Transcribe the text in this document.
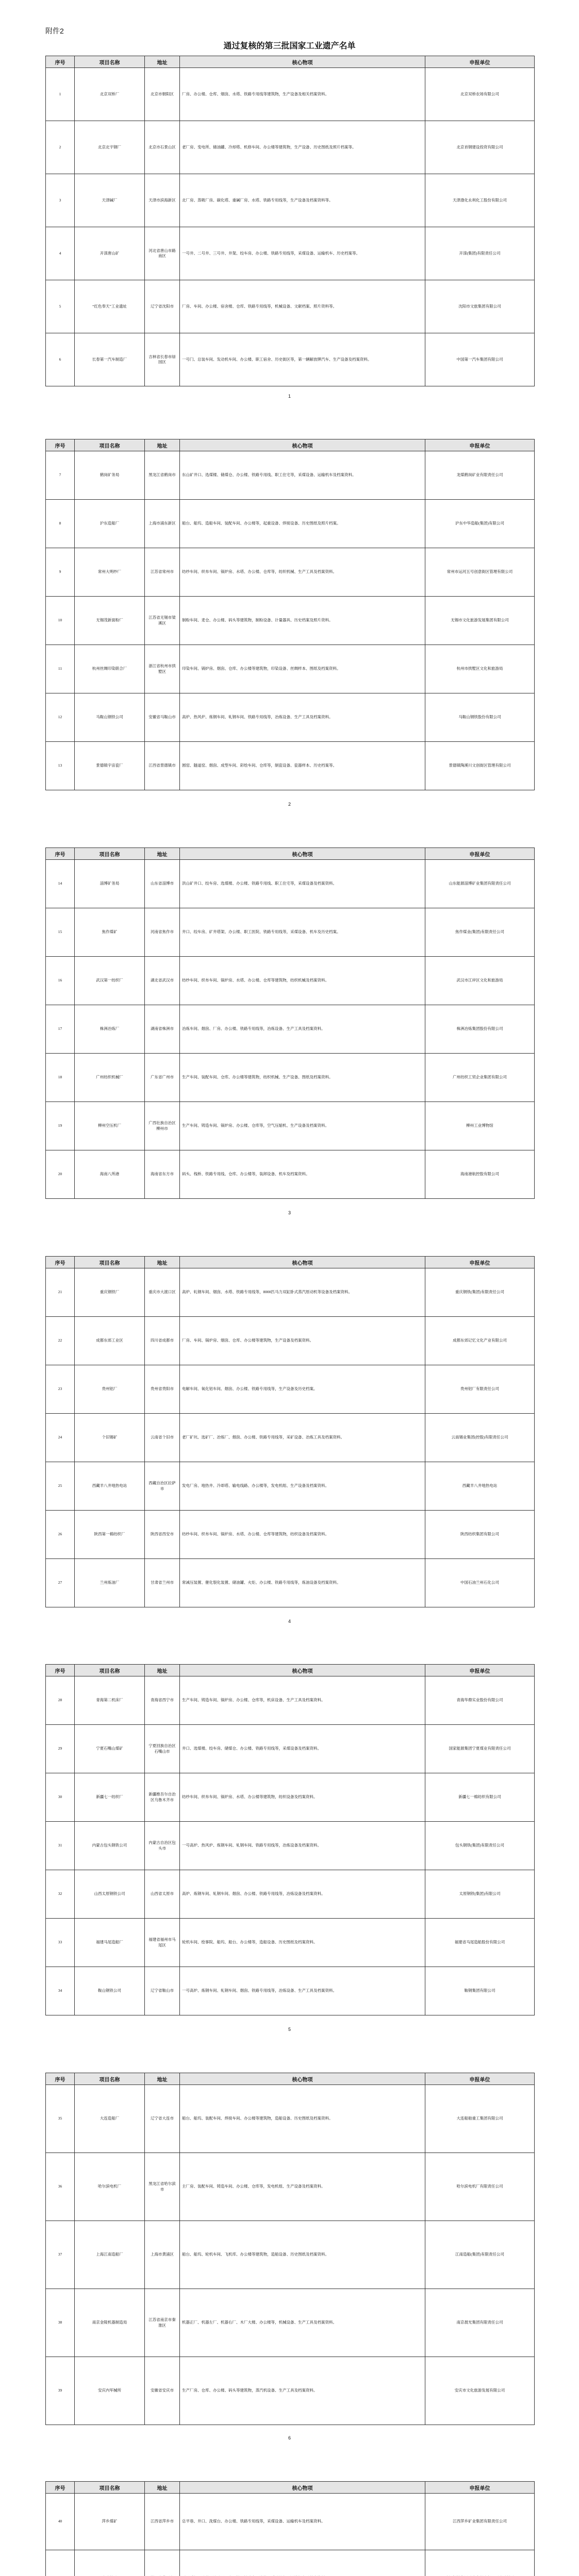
附件2
通过复核的第三批国家工业遗产名单
序号	项目名称	地址	核心物项	申报单位
1	北京双桥厂	北京市朝阳区	厂房、办公楼、仓库、烟囱、水塔、铁路专用线等建筑物，生产设备及相关档案资料。	北京双桥农场有限公司
2	北京北宇钢厂	北京市石景山区	老厂房、变电所、储油罐、冷却塔、机修车间、办公楼等建筑物，生产设备、历史图纸及照片档案等。	北京首钢建设投资有限公司
3	天津碱厂	天津市滨海新区	北厂房、蒸吸厂房、碳化塔、重碱厂房、水塔、铁路专用线等，生产设备及档案资料等。	天津渤化永利化工股份有限公司
4	开滦唐山矿	河北省唐山市路南区	一号井、二号井、三号井、井架、绞车房、办公楼、铁路专用线等，采煤设备、运输机车、历史档案等。	开滦(集团)有限责任公司
5	“红色奉天”工业遗址	辽宁省沈阳市	厂房、车间、办公楼、宿舍楼、仓库、铁路专用线等，机械设备、文献档案、照片资料等。	沈阳市文旅集团有限公司
6	长春第一汽车制造厂	吉林省长春市绿园区	一号门、总装车间、发动机车间、办公楼、职工宿舍、历史街区等，第一辆解放牌汽车、生产设备及档案资料。	中国第一汽车集团有限公司
1
序号	项目名称	地址	核心物项	申报单位
7	鹤岗矿务局	黑龙江省鹤岗市	东山矿井口、选煤楼、储煤仓、办公楼、铁路专用线、职工住宅等，采煤设备、运输机车及档案资料。	龙煤鹤岗矿业有限责任公司
8	沪东造船厂	上海市浦东新区	船台、船坞、造船车间、装配车间、办公楼等，起重设备、焊接设备、历史图纸及照片档案。	沪东中华造船(集团)有限公司
9	常州大明纱厂	江苏省常州市	纺纱车间、织布车间、锅炉房、水塔、办公楼、仓库等，纺织机械、生产工具及档案资料。	常州市运河五号创意街区管理有限公司
10	无锡茂新面粉厂	江苏省无锡市梁溪区	制粉车间、麦仓、办公楼、码头等建筑物，制粉设备、计量器具、历史档案及照片资料。	无锡市文化旅游发展集团有限公司
11	杭州丝绸印染联合厂	浙江省杭州市拱墅区	印染车间、锅炉房、烟囱、仓库、办公楼等建筑物，印染设备、丝绸样本、图纸及档案资料。	杭州市拱墅区文化和旅游局
12	马鞍山钢铁公司	安徽省马鞍山市	高炉、热风炉、炼钢车间、轧钢车间、铁路专用线等，冶炼设备、生产工具及档案资料。	马鞍山钢铁股份有限公司
13	景德镇宇宙瓷厂	江西省景德镇市	圆窑、隧道窑、烟囱、成型车间、彩绘车间、仓库等，制瓷设备、瓷器样本、历史档案等。	景德镇陶溪川文创街区管理有限公司
2
序号	项目名称	地址	核心物项	申报单位
14	淄博矿务局	山东省淄博市	洪山矿井口、绞车房、选煤楼、办公楼、铁路专用线、职工住宅等，采煤设备及档案资料。	山东能源淄博矿业集团有限责任公司
15	焦作煤矿	河南省焦作市	井口、绞车房、矿井塔架、办公楼、职工医院、铁路专用线等，采煤设备、机车及历史档案。	焦作煤业(集团)有限责任公司
16	武汉第一纺织厂	湖北省武汉市	纺纱车间、织布车间、锅炉房、水塔、办公楼、仓库等建筑物，纺织机械及档案资料。	武汉市江岸区文化和旅游局
17	株洲冶炼厂	湖南省株洲市	冶炼车间、烟囱、厂房、办公楼、铁路专用线等，冶炼设备、生产工具及档案资料。	株洲冶炼集团股份有限公司
18	广州纺织机械厂	广东省广州市	生产车间、装配车间、仓库、办公楼等建筑物，纺织机械、生产设备、图纸及档案资料。	广州纺织工贸企业集团有限公司
19	柳州空压机厂	广西壮族自治区柳州市	生产车间、铸造车间、锅炉房、办公楼、仓库等，空气压缩机、生产设备及档案资料。	柳州工业博物馆
20	海南八所港	海南省东方市	码头、栈桥、铁路专用线、仓库、办公楼等，装卸设备、机车及档案资料。	海南港航控股有限公司
3
序号	项目名称	地址	核心物项	申报单位
21	重庆钢铁厂	重庆市大渡口区	高炉、轧钢车间、烟囱、水塔、铁路专用线等，8000匹马力双缸卧式蒸汽原动机等设备及档案资料。	重庆钢铁(集团)有限责任公司
22	成都东郊工业区	四川省成都市	厂房、车间、锅炉房、烟囱、仓库、办公楼等建筑物，生产设备及档案资料。	成都东郊记忆文化产业有限公司
23	贵州铝厂	贵州省贵阳市	电解车间、氧化铝车间、烟囱、办公楼、铁路专用线等，生产设备及历史档案。	贵州铝厂有限责任公司
24	个旧锡矿	云南省个旧市	老厂矿坑、选矿厂、冶炼厂、烟囱、办公楼、铁路专用线等，采矿设备、冶炼工具及档案资料。	云南锡业集团(控股)有限责任公司
25	西藏羊八井地热电站	西藏自治区拉萨市	发电厂房、地热井、冷却塔、输电线路、办公楼等，发电机组、生产设备及档案资料。	西藏羊八井地热电站
26	陕西第一棉纺织厂	陕西省西安市	纺纱车间、织布车间、锅炉房、水塔、办公楼、仓库等建筑物，纺织设备及档案资料。	陕西纺织集团有限公司
27	兰州炼油厂	甘肃省兰州市	常减压装置、催化裂化装置、储油罐、火炬、办公楼、铁路专用线等，炼油设备及档案资料。	中国石油兰州石化公司
4
序号	项目名称	地址	核心物项	申报单位
28	青海第二机床厂	青海省西宁市	生产车间、铸造车间、锅炉房、办公楼、仓库等，机床设备、生产工具及档案资料。	青海华鼎实业股份有限公司
29	宁夏石嘴山煤矿	宁夏回族自治区石嘴山市	井口、选煤楼、绞车房、储煤仓、办公楼、铁路专用线等，采煤设备及档案资料。	国家能源集团宁夏煤业有限责任公司
30	新疆七一纺织厂	新疆维吾尔自治区乌鲁木齐市	纺纱车间、织布车间、锅炉房、水塔、办公楼等建筑物，纺织设备及档案资料。	新疆七一棉纺织有限公司
31	内蒙古包头钢铁公司	内蒙古自治区包头市	一号高炉、热风炉、炼钢车间、轧钢车间、铁路专用线等，冶炼设备及档案资料。	包头钢铁(集团)有限责任公司
32	山西太原钢铁公司	山西省太原市	高炉、炼钢车间、轧钢车间、烟囱、办公楼、铁路专用线等，冶炼设备及档案资料。	太原钢铁(集团)有限公司
33	福建马尾造船厂	福建省福州市马尾区	轮机车间、绘事院、船坞、船台、办公楼等，造船设备、历史图纸及档案资料。	福建省马尾造船股份有限公司
34	鞍山钢铁公司	辽宁省鞍山市	一号高炉、炼钢车间、轧钢车间、烟囱、铁路专用线等，冶炼设备、生产工具及档案资料。	鞍钢集团有限公司
5
序号	项目名称	地址	核心物项	申报单位
35	大连造船厂	辽宁省大连市	船台、船坞、装配车间、焊接车间、办公楼等建筑物，造船设备、历史图纸及档案资料。	大连船舶重工集团有限公司
36	哈尔滨电机厂	黑龙江省哈尔滨市	主厂房、装配车间、铸造车间、办公楼、仓库等，发电机组、生产设备及档案资料。	哈尔滨电机厂有限责任公司
37	上海江南造船厂	上海市黄浦区	船台、船坞、轮机车间、飞机库、办公楼等建筑物，造船设备、历史图纸及档案资料。	江南造船(集团)有限责任公司
38	南京金陵机器制造局	江苏省南京市秦淮区	机器正厂、机器左厂、机器右厂、木厂大楼、办公楼等，机械设备、生产工具及档案资料。	南京晨光集团有限责任公司
39	安庆内军械所	安徽省安庆市	生产厂房、仓库、办公楼、码头等建筑物，蒸汽机设备、生产工具及档案资料。	安庆市文化旅游发展有限公司
6
序号	项目名称	地址	核心物项	申报单位
40	萍乡煤矿	江西省萍乡市	总平巷、井口、洗煤台、办公楼、铁路专用线等，采煤设备、运输机车及档案资料。	江西萍乡矿业集团有限责任公司
